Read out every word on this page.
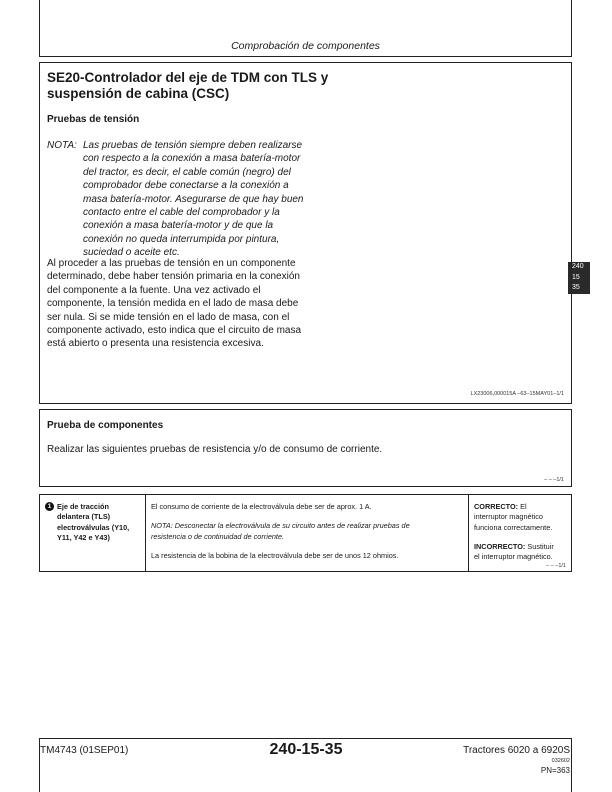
Comprobación de componentes
240
15
35
SE20-Controlador del eje de TDM con TLS y
suspensión de cabina (CSC)
Pruebas de tensión
NOTA: Las pruebas de tensión siempre deben realizarse
con respecto a la conexión a masa batería-motor
del tractor, es decir, el cable común (negro) del
comprobador debe conectarse a la conexión a
masa batería-motor. Asegurarse de que hay buen
contacto entre el cable del comprobador y la
conexión a masa batería-motor y de que la
conexión no queda interrumpida por pintura,
suciedad o aceite etc.
Al proceder a las pruebas de tensión en un componente
determinado, debe haber tensión primaria en la conexión
del componente a la fuente. Una vez activado el
componente, la tensión medida en el lado de masa debe
ser nula. Si se mide tensión en el lado de masa, con el
componente activado, esto indica que el circuito de masa
está abierto o presenta una resistencia excesiva.
LX23006,000015A –63–15MAY01–1/1
Prueba de componentes
Realizar las siguientes pruebas de resistencia y/o de consumo de corriente.
– – –1/1
1 Eje de tracción
delantera (TLS)
electroválvulas (Y10,
Y11, Y42 e Y43)
El consumo de corriente de la electroválvula debe ser de aprox. 1 A.
NOTA: Desconectar la electroválvula de su circuito antes de realizar pruebas de
resistencia o de continuidad de corriente.
La resistencia de la bobina de la electroválvula debe ser de unos 12 ohmios.
CORRECTO: El
interruptor magnético
funciona correctamente.
INCORRECTO: Sustituir
el interruptor magnético.
– – –1/1
TM4743 (01SEP01)	240-15-35	Tractores 6020 a 6920S
032602
PN=363
